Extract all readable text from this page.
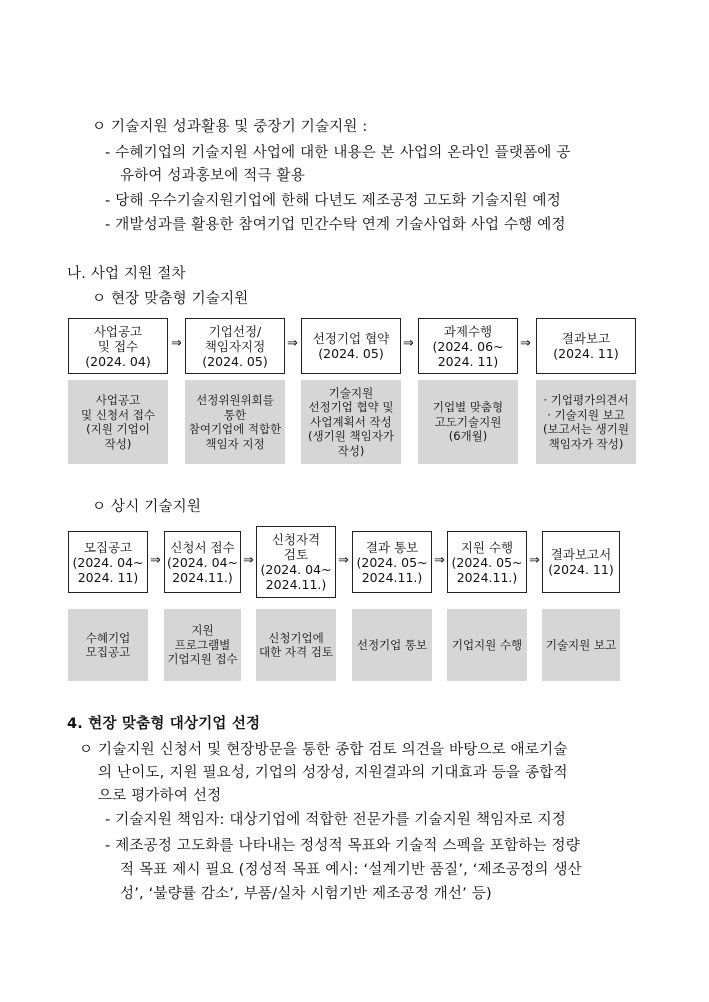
ㅇ 기술지원 성과활용 및 중장기 기술지원 :
- 수혜기업의 기술지원 사업에 대한 내용은 본 사업의 온라인 플랫폼에 공
유하여 성과홍보에 적극 활용
- 당해 우수기술지원기업에 한해 다년도 제조공정 고도화 기술지원 예정
- 개발성과를 활용한 참여기업 민간수탁 연계 기술사업화 사업 수행 예정
나. 사업 지원 절차
ㅇ 현장 맞춤형 기술지원
사업공고
및 접수
(2024. 04)
⇒
기업선정/
책임자지정
(2024. 05)
⇒ 선정기업 협약
(2024. 05)
⇒
과제수행
(2024. 06~
2024. 11)
⇒	결과보고
(2024. 11)
사업공고
및 신청서 접수
(지원 기업이
작성)
선정위원위회를
통한
참여기업에 적합한
책임자 지정
기술지원
선정기업 협약 및
사업계획서 작성
(생기원 책임자가
작성)
기업별 맞춤형
고도기술지원
(6개월)
· 기업평가의견서
· 기술지원 보고
(보고서는 생기원
책임자가 작성)
ㅇ 상시 기술지원
모집공고
(2024. 04~
2024. 11)
⇒
신청서 접수
(2024. 04~
2024.11.)
⇒
신청자격
검토
(2024. 04~
2024.11.)
⇒
결과 통보
(2024. 05~
2024.11.)
⇒
지원 수행
(2024. 05~
2024.11.)
⇒ 결과보고서
(2024. 11)
수혜기업
모집공고
지원
프로그램별
기업지원 접수
신청기업에
대한 자격 검토
선정기업 통보 기업지원 수행 기술지원 보고
4. 현장 맞춤형 대상기업 선정
ㅇ 기술지원 신청서 및 현장방문을 통한 종합 검토 의견을 바탕으로 애로기술
의 난이도, 지원 필요성, 기업의 성장성, 지원결과의 기대효과 등을 종합적
으로 평가하여 선정
- 기술지원 책임자: 대상기업에 적합한 전문가를 기술지원 책임자로 지정
- 제조공정 고도화를 나타내는 정성적 목표와 기술적 스펙을 포함하는 정량
적 목표 제시 필요 (정성적 목표 예시: ‘설계기반 품질’, ‘제조공정의 생산
성’, ‘불량률 감소’, 부품/실차 시험기반 제조공정 개선’ 등)
